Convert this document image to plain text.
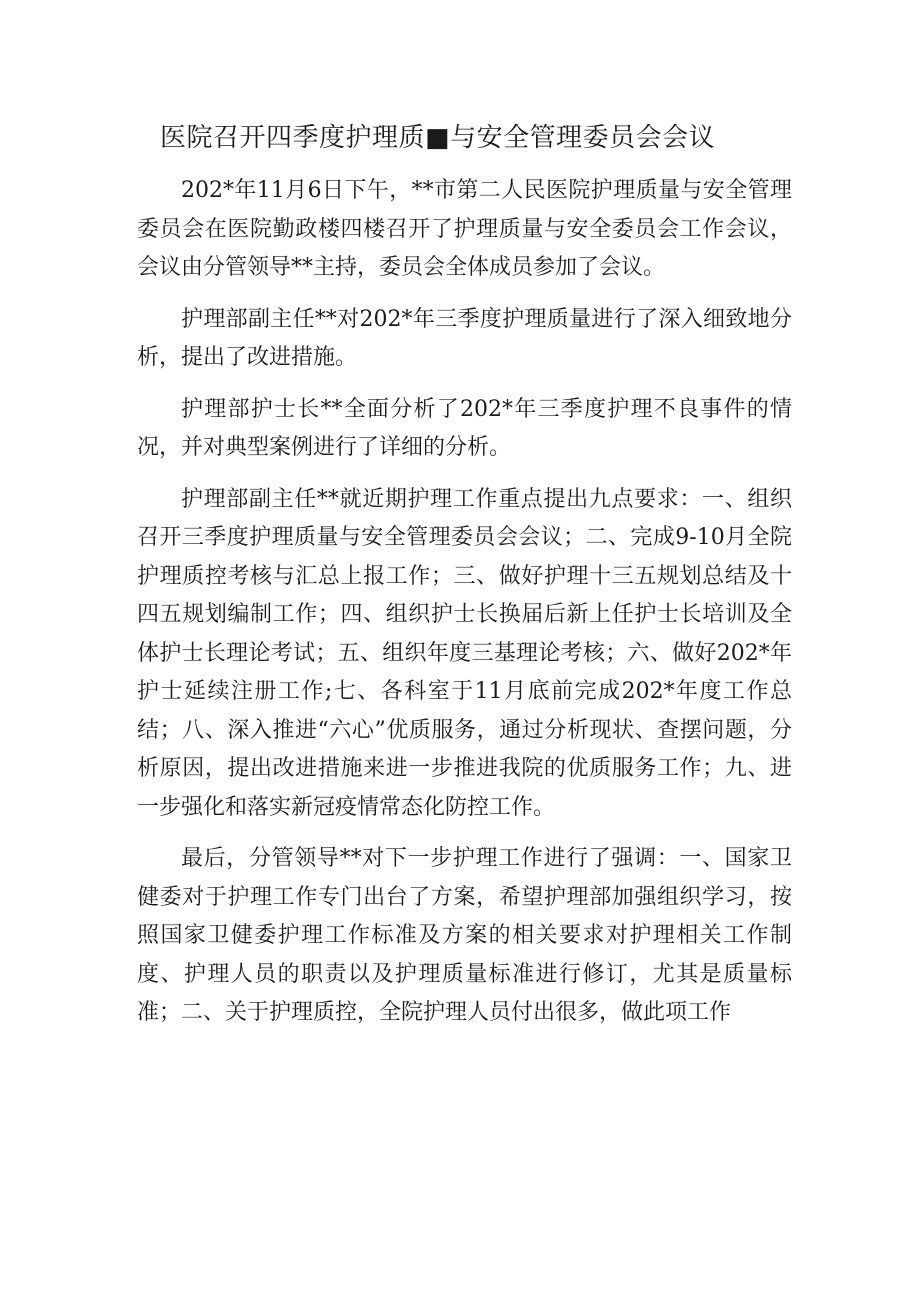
医院召开四季度护理质■与安全管理委员会会议

202*年11月6日下午，**市第二人民医院护理质量与安全管理委员会在医院勤政楼四楼召开了护理质量与安全委员会工作会议，会议由分管领导**主持，委员会全体成员参加了会议。

护理部副主任**对202*年三季度护理质量进行了深入细致地分析，提出了改进措施。

护理部护士长**全面分析了202*年三季度护理不良事件的情况，并对典型案例进行了详细的分析。

护理部副主任**就近期护理工作重点提出九点要求：一、组织召开三季度护理质量与安全管理委员会会议；二、完成9-10月全院护理质控考核与汇总上报工作；三、做好护理十三五规划总结及十四五规划编制工作；四、组织护士长换届后新上任护士长培训及全体护士长理论考试；五、组织年度三基理论考核；六、做好202*年护士延续注册工作;七、各科室于11月底前完成202*年度工作总结；八、深入推进“六心”优质服务，通过分析现状、查摆问题，分析原因，提出改进措施来进一步推进我院的优质服务工作；九、进一步强化和落实新冠疫情常态化防控工作。

最后，分管领导**对下一步护理工作进行了强调：一、国家卫健委对于护理工作专门出台了方案，希望护理部加强组织学习，按照国家卫健委护理工作标准及方案的相关要求对护理相关工作制度、护理人员的职责以及护理质量标准进行修订，尤其是质量标准；二、关于护理质控，全院护理人员付出很多，做此项工作
